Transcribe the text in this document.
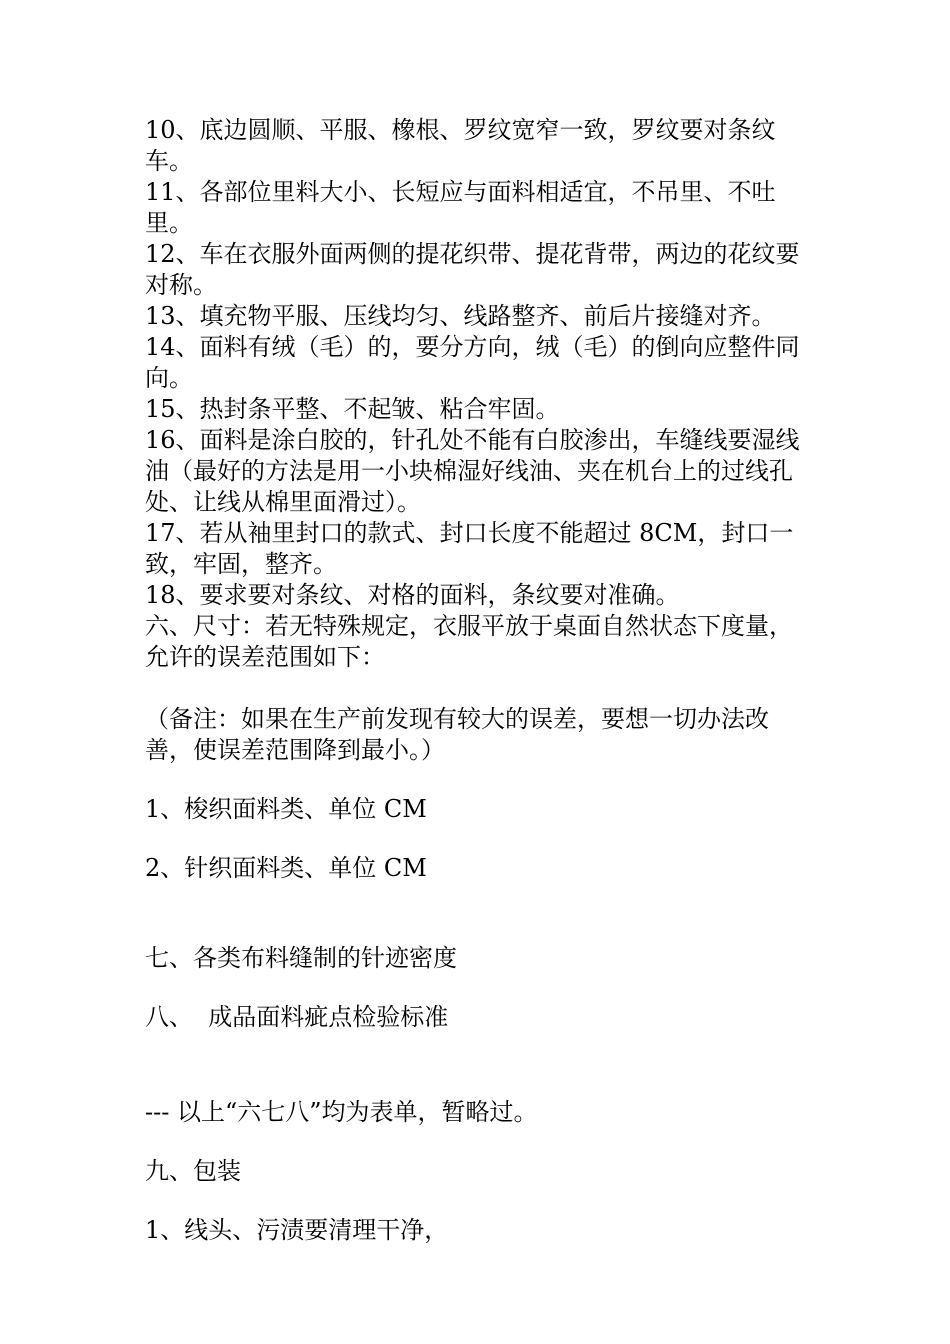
10、底边圆顺、平服、橡根、罗纹宽窄一致，罗纹要对条纹车。

11、各部位里料大小、长短应与面料相适宜，不吊里、不吐里。

12、车在衣服外面两侧的提花织带、提花背带，两边的花纹要对称。

13、填充物平服、压线均匀、线路整齐、前后片接缝对齐。

14、面料有绒（毛）的，要分方向，绒（毛）的倒向应整件同向。

15、热封条平整、不起皱、粘合牢固。

16、面料是涂白胶的，针孔处不能有白胶渗出，车缝线要湿线油（最好的方法是用一小块棉湿好线油、夹在机台上的过线孔处、让线从棉里面滑过）。

17、若从袖里封口的款式、封口长度不能超过 8CM，封口一致，牢固，整齐。

18、要求要对条纹、对格的面料，条纹要对准确。

六、尺寸：若无特殊规定，衣服平放于桌面自然状态下度量，允许的误差范围如下：

（备注：如果在生产前发现有较大的误差，要想一切办法改善，使误差范围降到最小。）

1、梭织面料类、单位 CM

2、针织面料类、单位 CM

七、各类布料缝制的针迹密度

八、  成品面料疵点检验标准

--- 以上“六七八”均为表单，暂略过。

九、包装

1、线头、污渍要清理干净，
